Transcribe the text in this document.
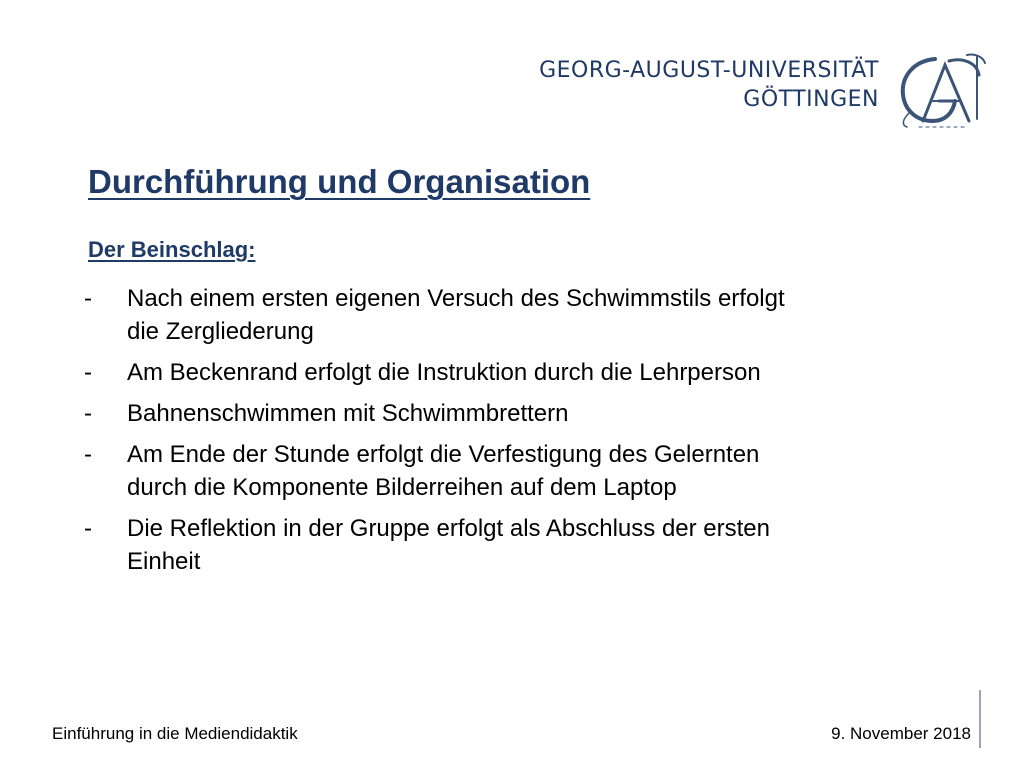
GEORG-AUGUST-UNIVERSITÄT
GÖTTINGEN
Durchführung und Organisation
Der Beinschlag:
- Nach einem ersten eigenen Versuch des Schwimmstils erfolgt
die Zergliederung
- Am Beckenrand erfolgt die Instruktion durch die Lehrperson
- Bahnenschwimmen mit Schwimmbrettern
- Am Ende der Stunde erfolgt die Verfestigung des Gelernten
durch die Komponente Bilderreihen auf dem Laptop
- Die Reflektion in der Gruppe erfolgt als Abschluss der ersten
Einheit
Einführung in die Mediendidaktik	9. November 2018
